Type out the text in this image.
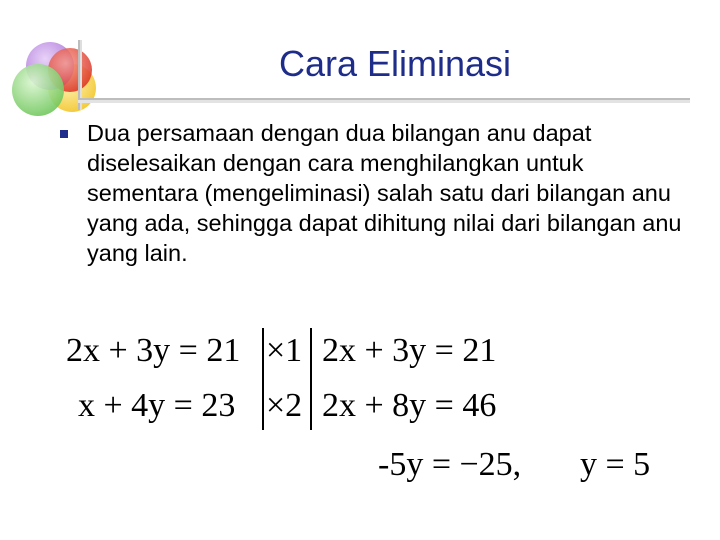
Cara Eliminasi
Dua persamaan dengan dua bilangan anu dapat diselesaikan dengan cara menghilangkan untuk sementara (mengeliminasi) salah satu dari bilangan anu yang ada, sehingga dapat dihitung nilai dari bilangan anu yang lain.
2x + 3y = 21
x + 4y = 23
×1
×2
2x + 3y = 21
2x + 8y = 46
-5y = −25, y = 5
